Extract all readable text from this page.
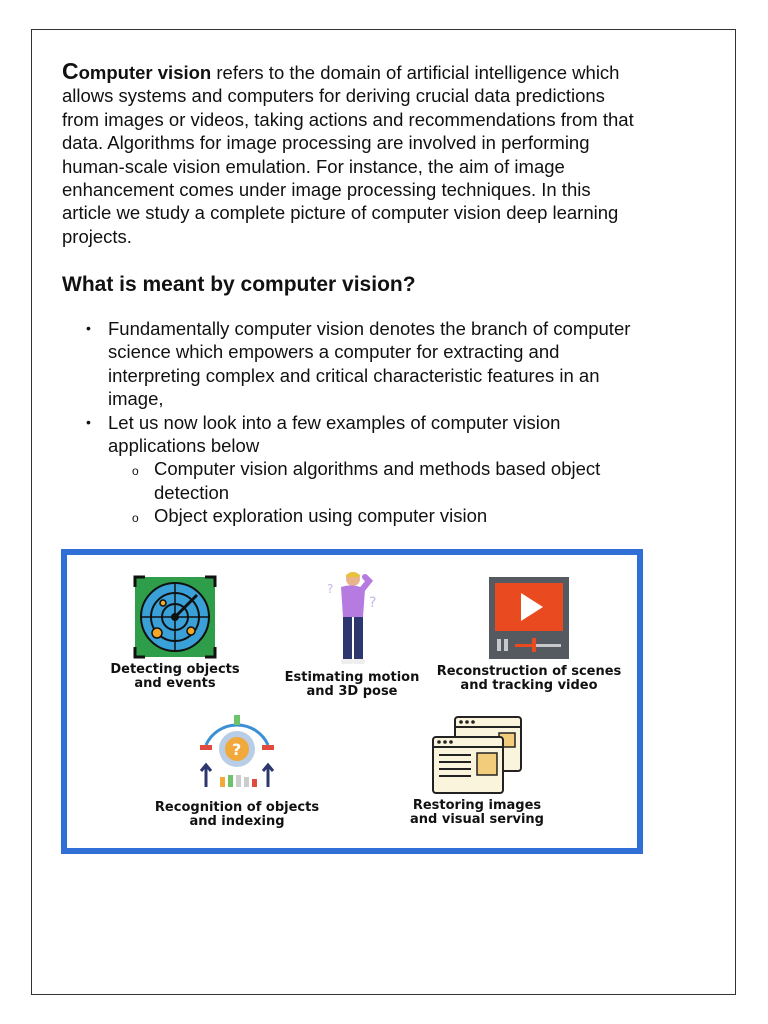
Computer vision refers to the domain of artificial intelligence which allows systems and computers for deriving crucial data predictions from images or videos, taking actions and recommendations from that data. Algorithms for image processing are involved in performing human-scale vision emulation. For instance, the aim of image enhancement comes under image processing techniques. In this article we study a complete picture of computer vision deep learning projects.

What is meant by computer vision?
• Fundamentally computer vision denotes the branch of computer science which empowers a computer for extracting and interpreting complex and critical characteristic features in an image,
• Let us now look into a few examples of computer vision applications below
o Computer vision algorithms and methods based object detection
o Object exploration using computer vision
Detecting objects
and events
?
?
Estimating motion
and 3D pose
Reconstruction of scenes
and tracking video
?
Recognition of objects
and indexing
Restoring images
and visual serving
